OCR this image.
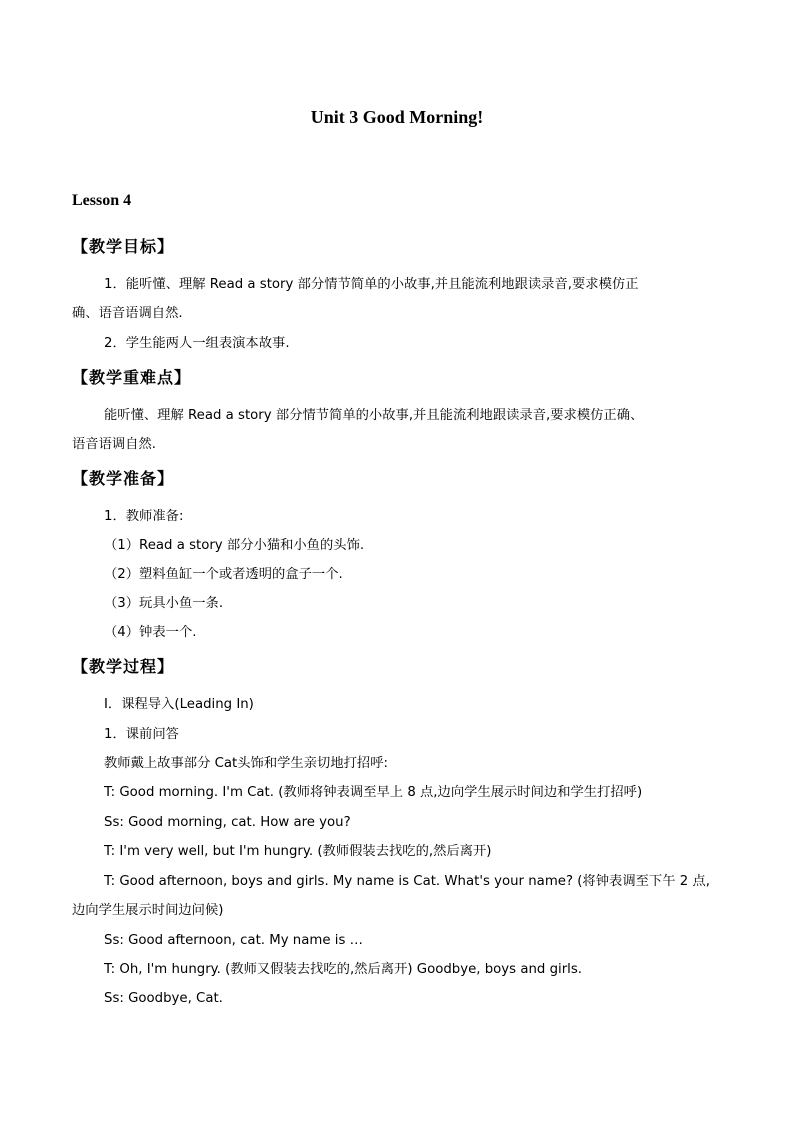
Unit 3 Good Morning!
Lesson 4
【教学目标】
1．能听懂、理解 Read a story 部分情节简单的小故事,并且能流利地跟读录音,要求模仿正
确、语音语调自然.
2．学生能两人一组表演本故事.
【教学重难点】
能听懂、理解 Read a story 部分情节简单的小故事,并且能流利地跟读录音,要求模仿正确、
语音语调自然.
【教学准备】
1．教师准备:
（1）Read a story 部分小猫和小鱼的头饰.
（2）塑料鱼缸一个或者透明的盒子一个.
（3）玩具小鱼一条.
（4）钟表一个.
【教学过程】
Ⅰ．课程导入(Leading In)
1．课前问答
教师戴上故事部分 Cat头饰和学生亲切地打招呼:
T: Good morning. I'm Cat. (教师将钟表调至早上 8 点,边向学生展示时间边和学生打招呼)
Ss: Good morning, cat. How are you?
T: I'm very well, but I'm hungry. (教师假装去找吃的,然后离开)
T: Good afternoon, boys and girls. My name is Cat. What's your name? (将钟表调至下午 2 点,
边向学生展示时间边问候)
Ss: Good afternoon, cat. My name is …
T: Oh, I'm hungry. (教师又假装去找吃的,然后离开) Goodbye, boys and girls.
Ss: Goodbye, Cat.
